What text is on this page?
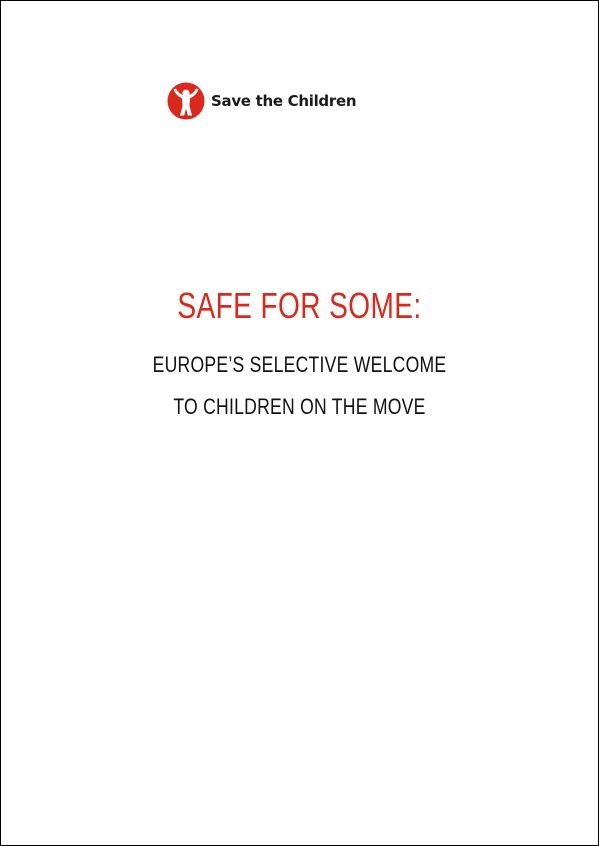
Save the Children
SAFE FOR SOME:
EUROPE’S SELECTIVE WELCOME
TO CHILDREN ON THE MOVE
